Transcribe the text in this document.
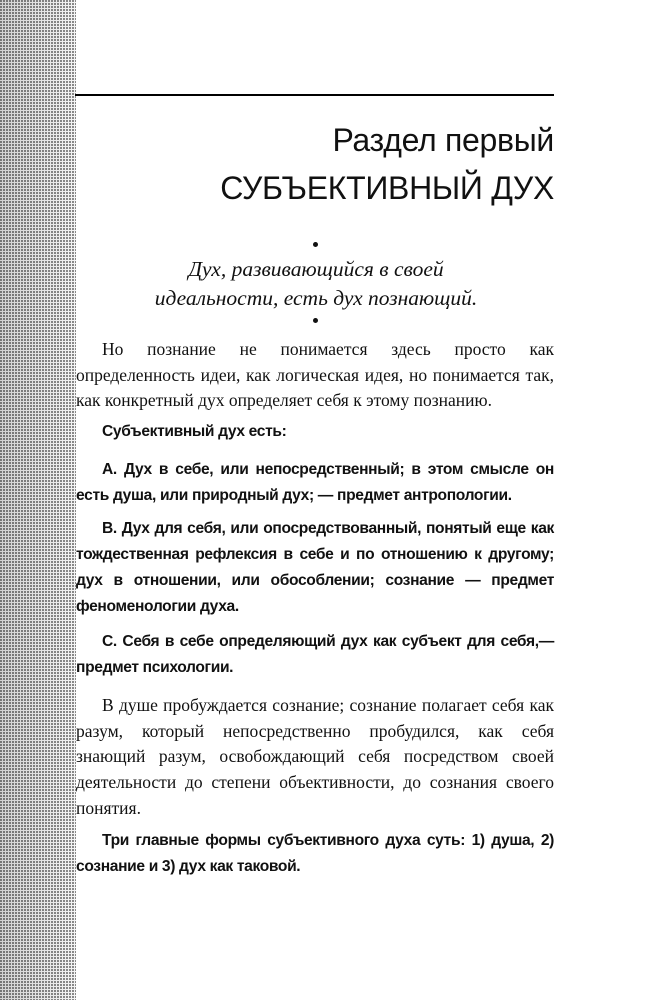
Раздел первый
СУБЪЕКТИВНЫЙ ДУХ
Дух, развивающийся в своей
идеальности, есть дух познающий.

Но познание не понимается здесь просто как определенность идеи, как логическая идея, но понимается так, как конкретный дух определяет себя к этому познанию.

Субъективный дух есть:

A. Дух в себе, или непосредственный; в этом смысле он есть душа, или природный дух; — предмет антропологии.

B. Дух для себя, или опосредствованный, понятый еще как тождественная рефлексия в себе и по отношению к другому; дух в отношении, или обособлении; сознание — предмет феноменологии духа.

C. Себя в себе определяющий дух как субъект для себя,— предмет психологии.

В душе пробуждается сознание; сознание полагает себя как разум, который непосредственно пробудился, как себя знающий разум, освобождающий себя посредством своей деятельности до степени объективности, до сознания своего понятия.

Три главные формы субъективного духа суть: 1) душа, 2) сознание и 3) дух как таковой.
